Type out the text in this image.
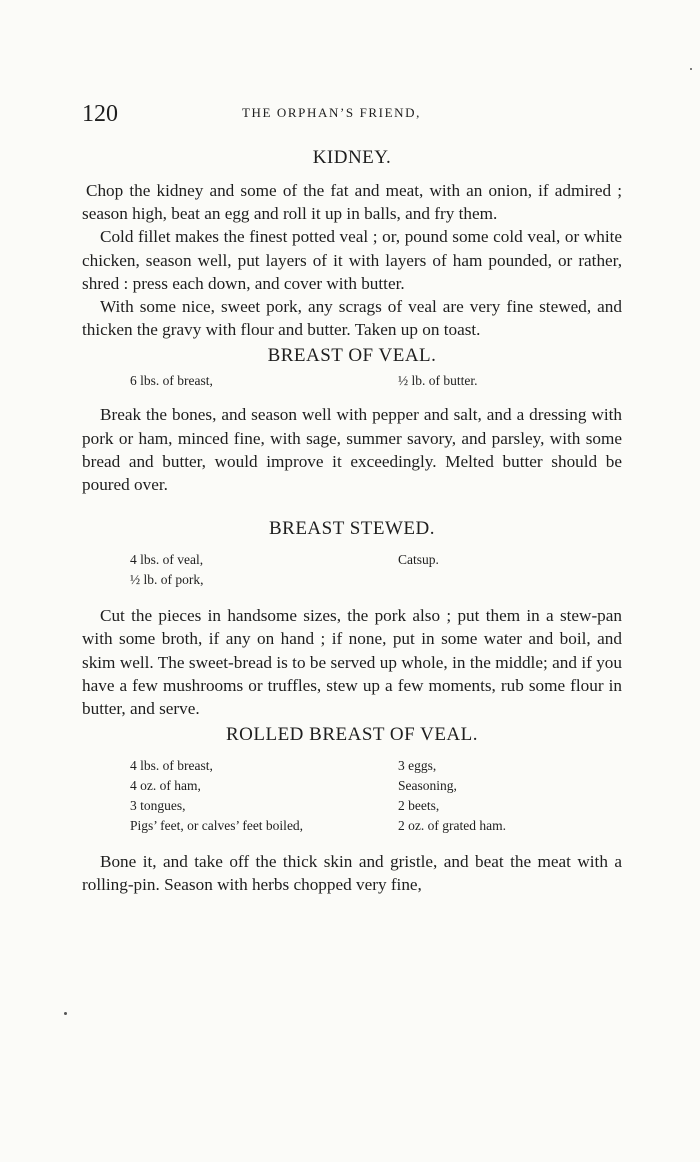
120	THE ORPHAN’S FRIEND,
KIDNEY.

Chop the kidney and some of the fat and meat, with an onion, if admired ; season high, beat an egg and roll it up in balls, and fry them.

Cold fillet makes the finest potted veal ; or, pound some cold veal, or white chicken, season well, put layers of it with layers of ham pounded, or rather, shred : press each down, and cover with butter.

With some nice, sweet pork, any scrags of veal are very fine stewed, and thicken the gravy with flour and butter. Taken up on toast.

BREAST OF VEAL.
6 lbs. of breast,	½ lb. of butter.

Break the bones, and season well with pepper and salt, and a dressing with pork or ham, minced fine, with sage, summer savory, and parsley, with some bread and butter, would improve it exceedingly. Melted butter should be poured over.

BREAST STEWED.
4 lbs. of veal,	Catsup.
½ lb. of pork,

Cut the pieces in handsome sizes, the pork also ; put them in a stew-pan with some broth, if any on hand ; if none, put in some water and boil, and skim well. The sweet-bread is to be served up whole, in the middle; and if you have a few mushrooms or truffles, stew up a few moments, rub some flour in butter, and serve.

ROLLED BREAST OF VEAL.
4 lbs. of breast,	3 eggs,
4 oz. of ham,	Seasoning,
3 tongues,	2 beets,
Pigs’ feet, or calves’ feet boiled,	2 oz. of grated ham.

Bone it, and take off the thick skin and gristle, and beat the meat with a rolling-pin. Season with herbs chopped very fine,
